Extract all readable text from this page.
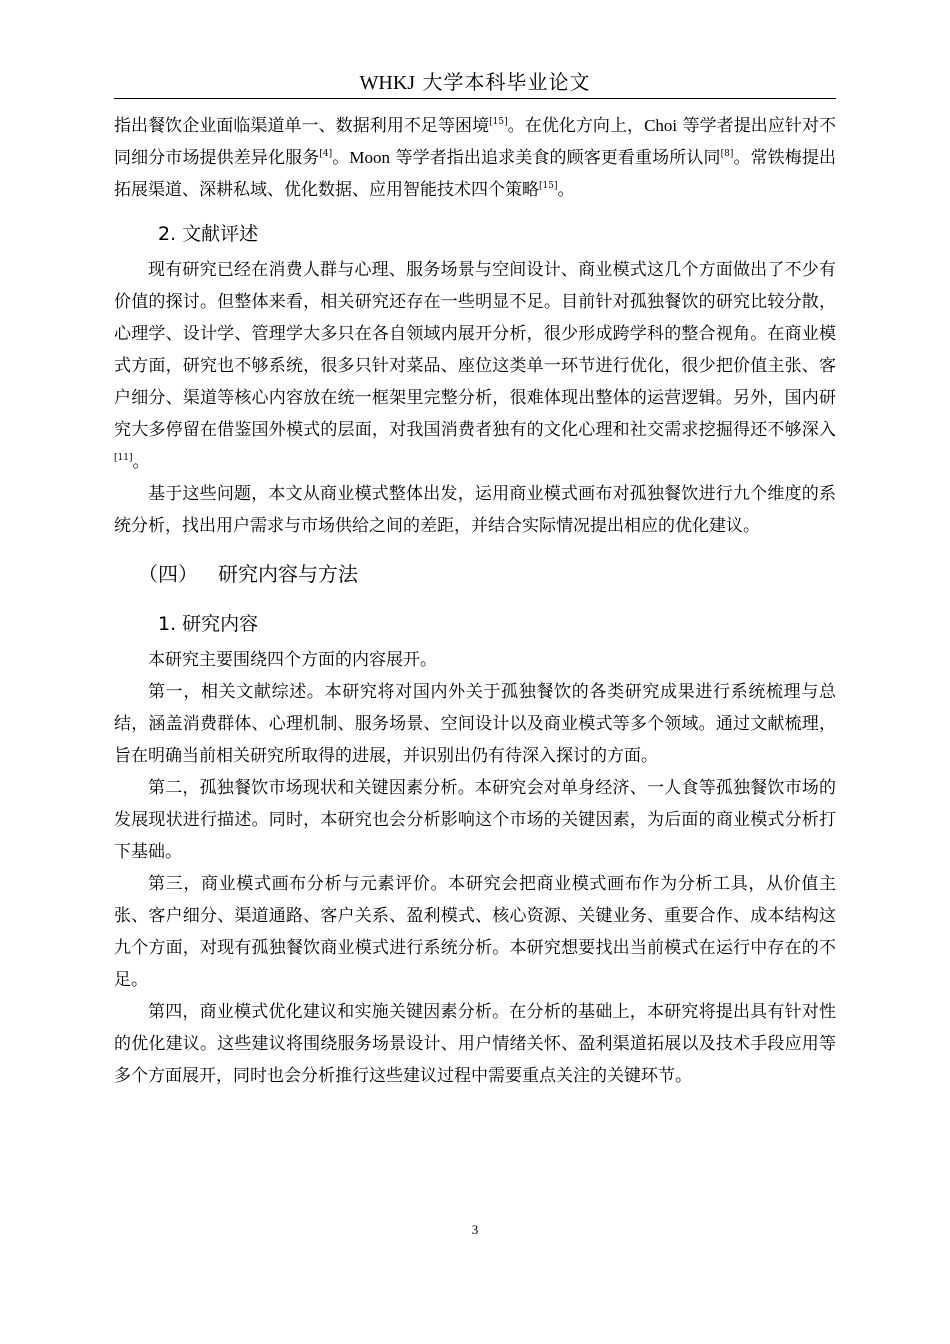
WHKJ 大学本科毕业论文

指出餐饮企业面临渠道单一、数据利用不足等困境[15]。在优化方向上，Choi 等学者提出应针对不同细分市场提供差异化服务[4]。Moon 等学者指出追求美食的顾客更看重场所认同[8]。常铁梅提出拓展渠道、深耕私域、优化数据、应用智能技术四个策略[15]。

2. 文献评述

现有研究已经在消费人群与心理、服务场景与空间设计、商业模式这几个方面做出了不少有价值的探讨。但整体来看，相关研究还存在一些明显不足。目前针对孤独餐饮的研究比较分散，心理学、设计学、管理学大多只在各自领域内展开分析，很少形成跨学科的整合视角。在商业模式方面，研究也不够系统，很多只针对菜品、座位这类单一环节进行优化，很少把价值主张、客户细分、渠道等核心内容放在统一框架里完整分析，很难体现出整体的运营逻辑。另外，国内研究大多停留在借鉴国外模式的层面，对我国消费者独有的文化心理和社交需求挖掘得还不够深入[11]。

基于这些问题，本文从商业模式整体出发，运用商业模式画布对孤独餐饮进行九个维度的系统分析，找出用户需求与市场供给之间的差距，并结合实际情况提出相应的优化建议。

（四） 研究内容与方法
1. 研究内容

本研究主要围绕四个方面的内容展开。

第一，相关文献综述。本研究将对国内外关于孤独餐饮的各类研究成果进行系统梳理与总结，涵盖消费群体、心理机制、服务场景、空间设计以及商业模式等多个领域。通过文献梳理，旨在明确当前相关研究所取得的进展，并识别出仍有待深入探讨的方面。

第二，孤独餐饮市场现状和关键因素分析。本研究会对单身经济、一人食等孤独餐饮市场的发展现状进行描述。同时，本研究也会分析影响这个市场的关键因素，为后面的商业模式分析打下基础。

第三，商业模式画布分析与元素评价。本研究会把商业模式画布作为分析工具，从价值主张、客户细分、渠道通路、客户关系、盈利模式、核心资源、关键业务、重要合作、成本结构这九个方面，对现有孤独餐饮商业模式进行系统分析。本研究想要找出当前模式在运行中存在的不足。

第四，商业模式优化建议和实施关键因素分析。在分析的基础上，本研究将提出具有针对性的优化建议。这些建议将围绕服务场景设计、用户情绪关怀、盈利渠道拓展以及技术手段应用等多个方面展开，同时也会分析推行这些建议过程中需要重点关注的关键环节。

3
